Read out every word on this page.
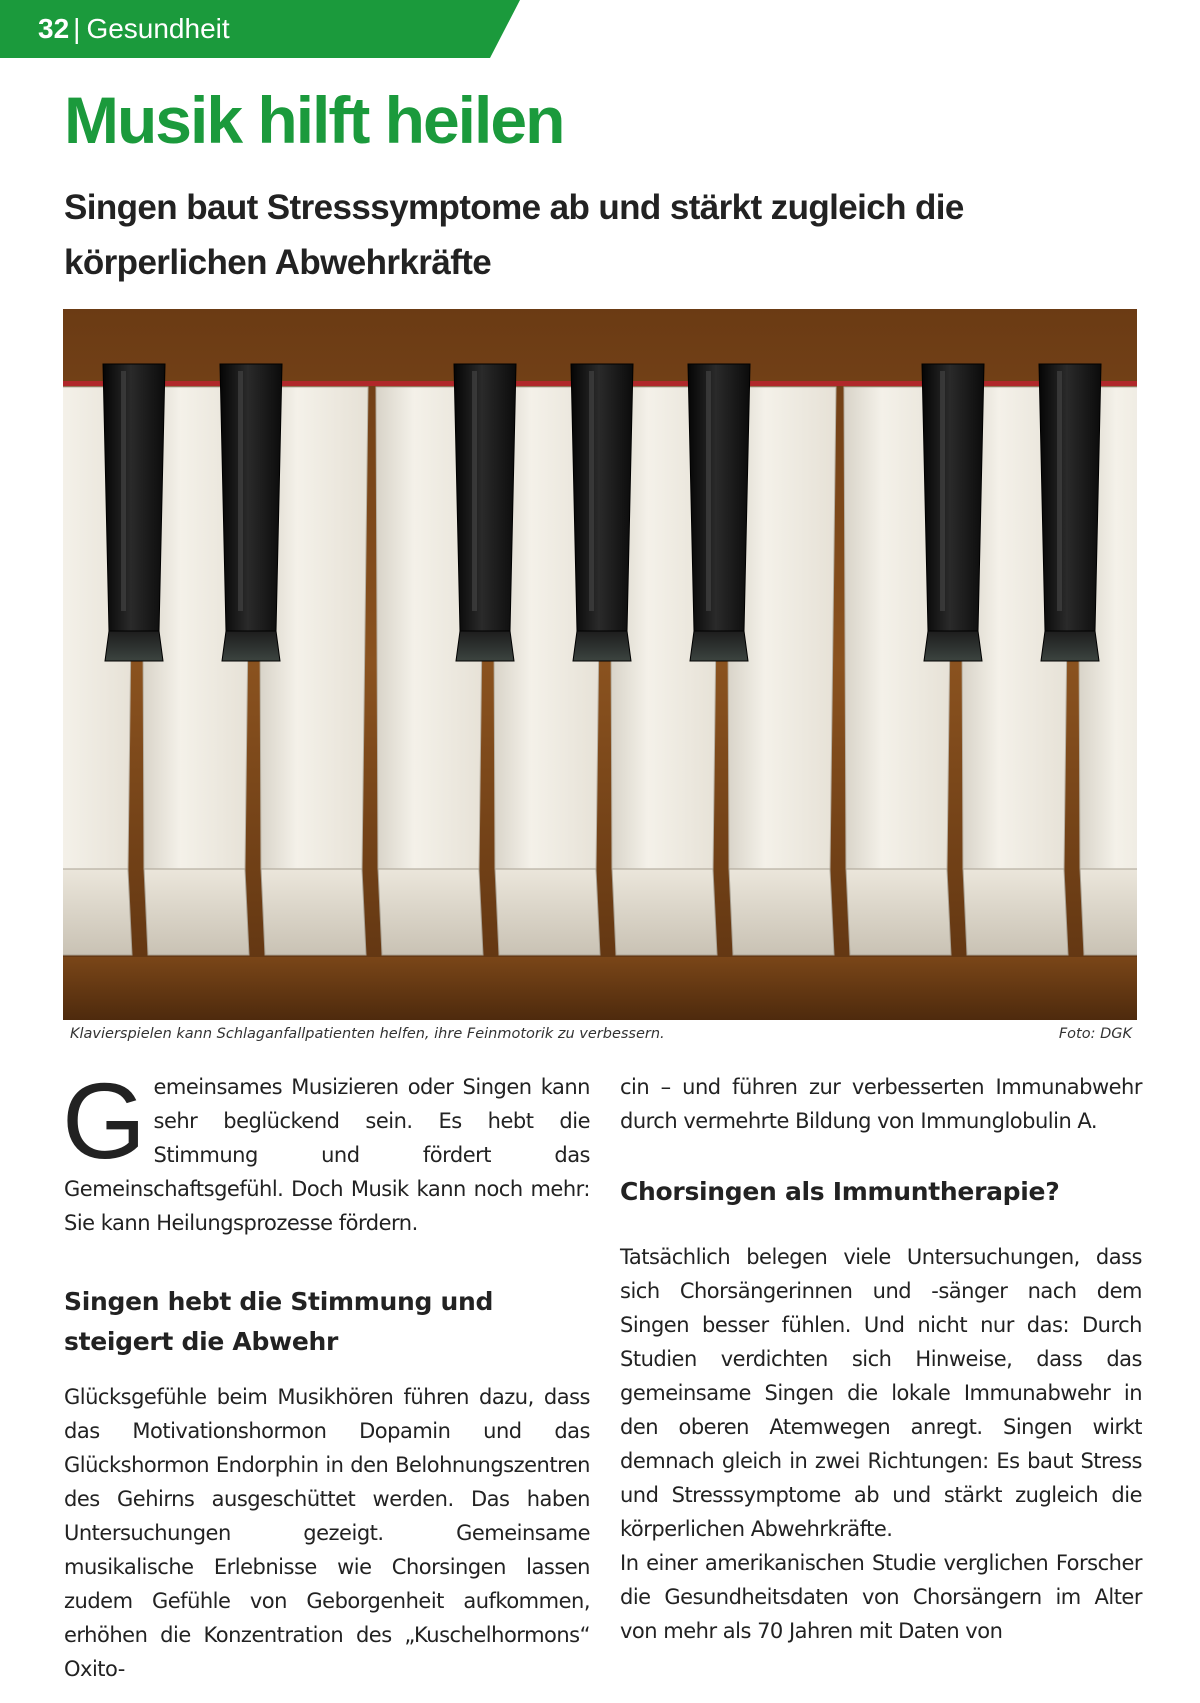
32 | Gesundheit
Musik hilft heilen
Singen baut Stresssymptome ab und stärkt zugleich die körperlichen Abwehrkräfte
Klavierspielen kann Schlaganfallpatienten helfen, ihre Feinmotorik zu verbessern.	Foto: DGK

Gemeinsames Musizieren oder Singen kann sehr beglückend sein. Es hebt die Stimmung und fördert das Gemeinschaftsgefühl. Doch Musik kann noch mehr: Sie kann Heilungsprozesse fördern.

Singen hebt die Stimmung und steigert die Abwehr

Glücksgefühle beim Musikhören führen dazu, dass das Motivationshormon Dopamin und das Glückshormon Endorphin in den Belohnungszentren des Gehirns ausgeschüttet werden. Das haben Untersuchungen gezeigt. Gemeinsame musikalische Erlebnisse wie Chorsingen lassen zudem Gefühle von Geborgenheit aufkommen, erhöhen die Konzentration des „Kuschelhormons“ Oxito-

cin – und führen zur verbesserten Immunabwehr durch vermehrte Bildung von Immunglobulin A.

Chorsingen als Immuntherapie?

Tatsächlich belegen viele Untersuchungen, dass sich Chorsängerinnen und -sänger nach dem Singen besser fühlen. Und nicht nur das: Durch Studien verdichten sich Hinweise, dass das gemeinsame Singen die lokale Immunabwehr in den oberen Atemwegen anregt. Singen wirkt demnach gleich in zwei Richtungen: Es baut Stress und Stresssymptome ab und stärkt zugleich die körperlichen Abwehrkräfte.

In einer amerikanischen Studie verglichen Forscher die Gesundheitsdaten von Chorsängern im Alter von mehr als 70 Jahren mit Daten von
